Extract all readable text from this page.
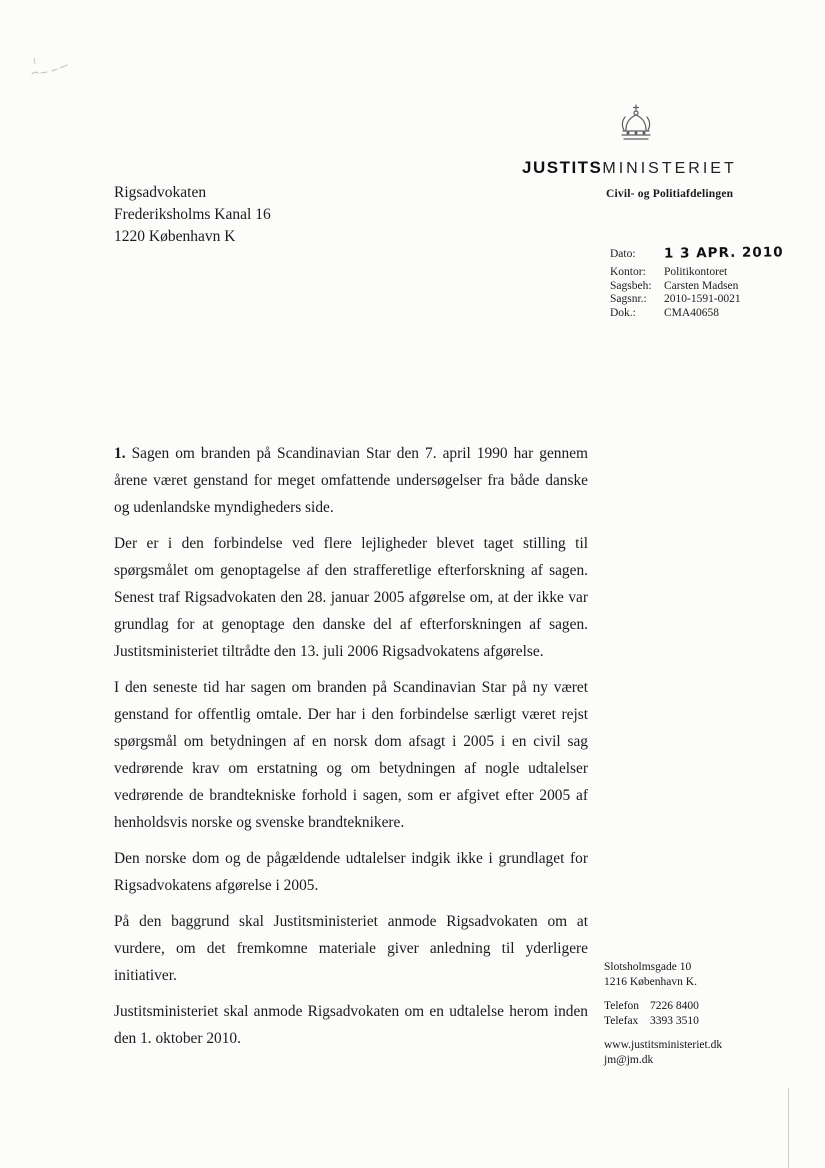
JUSTITSMINISTERIET
Civil- og Politiafdelingen
Rigsadvokaten
Frederiksholms Kanal 16
1220 København K
Dato:	1 3 APR. 2010
Kontor:	Politikontoret
Sagsbeh:	Carsten Madsen
Sagsnr.:	2010-1591-0021
Dok.:	CMA40658

1. Sagen om branden på Scandinavian Star den 7. april 1990 har gennem årene været genstand for meget omfattende undersøgelser fra både danske og udenlandske myndigheders side.

Der er i den forbindelse ved flere lejligheder blevet taget stilling til spørgsmålet om genoptagelse af den strafferetlige efterforskning af sagen. Senest traf Rigsadvokaten den 28. januar 2005 afgørelse om, at der ikke var grundlag for at genoptage den danske del af efterforskningen af sagen. Justitsministeriet tiltrådte den 13. juli 2006 Rigsadvokatens afgørelse.

I den seneste tid har sagen om branden på Scandinavian Star på ny været genstand for offentlig omtale. Der har i den forbindelse særligt været rejst spørgsmål om betydningen af en norsk dom afsagt i 2005 i en civil sag vedrørende krav om erstatning og om betydningen af nogle udtalelser vedrørende de brandtekniske forhold i sagen, som er afgivet efter 2005 af henholdsvis norske og svenske brandteknikere.

Den norske dom og de pågældende udtalelser indgik ikke i grundlaget for Rigsadvokatens afgørelse i 2005.

På den baggrund skal Justitsministeriet anmode Rigsadvokaten om at vurdere, om det fremkomne materiale giver anledning til yderligere initiativer.

Justitsministeriet skal anmode Rigsadvokaten om en udtalelse herom inden den 1. oktober 2010.

Slotsholmsgade 10
1216 København K.
Telefon 7226 8400
Telefax	3393 3510
www.justitsministeriet.dk
jm@jm.dk
